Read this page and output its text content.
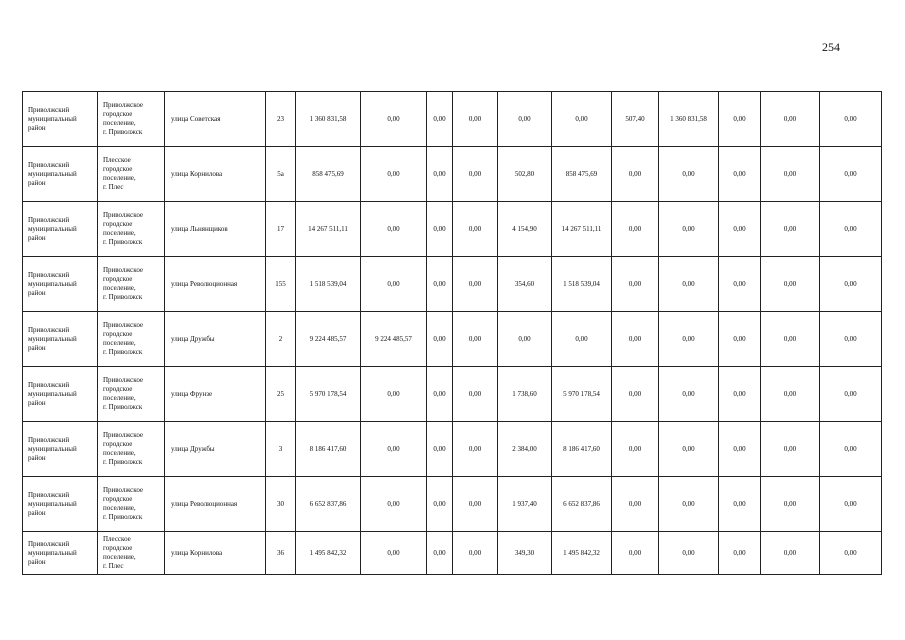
254
Приволжский
муниципальный
район	Приволжское
городское
поселение,
г. Приволжск	улица Советская	23	1 360 831,58	0,00	0,00	0,00	0,00	0,00	507,40	1 360 831,58	0,00	0,00	0,00

Приволжский
муниципальный
район	Плесское
городское
поселение,
г. Плес	улица Корнилова	5а	858 475,69	0,00	0,00	0,00	502,80	858 475,69	0,00	0,00	0,00	0,00	0,00

Приволжский
муниципальный
район	Приволжское
городское
поселение,
г. Приволжск	улица Льнянщиков	17	14 267 511,11	0,00	0,00	0,00	4 154,90	14 267 511,11	0,00	0,00	0,00	0,00	0,00

Приволжский
муниципальный
район	Приволжское
городское
поселение,
г. Приволжск	улица Революционная	155	1 518 539,04	0,00	0,00	0,00	354,60	1 518 539,04	0,00	0,00	0,00	0,00	0,00

Приволжский
муниципальный
район	Приволжское
городское
поселение,
г. Приволжск	улица Дружбы	2	9 224 485,57	9 224 485,57	0,00	0,00	0,00	0,00	0,00	0,00	0,00	0,00	0,00

Приволжский
муниципальный
район	Приволжское
городское
поселение,
г. Приволжск	улица Фрунзе	25	5 970 178,54	0,00	0,00	0,00	1 738,60	5 970 178,54	0,00	0,00	0,00	0,00	0,00

Приволжский
муниципальный
район	Приволжское
городское
поселение,
г. Приволжск	улица Дружбы	3	8 186 417,60	0,00	0,00	0,00	2 384,00	8 186 417,60	0,00	0,00	0,00	0,00	0,00

Приволжский
муниципальный
район	Приволжское
городское
поселение,
г. Приволжск	улица Революционная	30	6 652 837,86	0,00	0,00	0,00	1 937,40	6 652 837,86	0,00	0,00	0,00	0,00	0,00

Приволжский
муниципальный
район	Плесское
городское
поселение,
г. Плес	улица Корнилова	36	1 495 842,32	0,00	0,00	0,00	349,30	1 495 842,32	0,00	0,00	0,00	0,00	0,00
